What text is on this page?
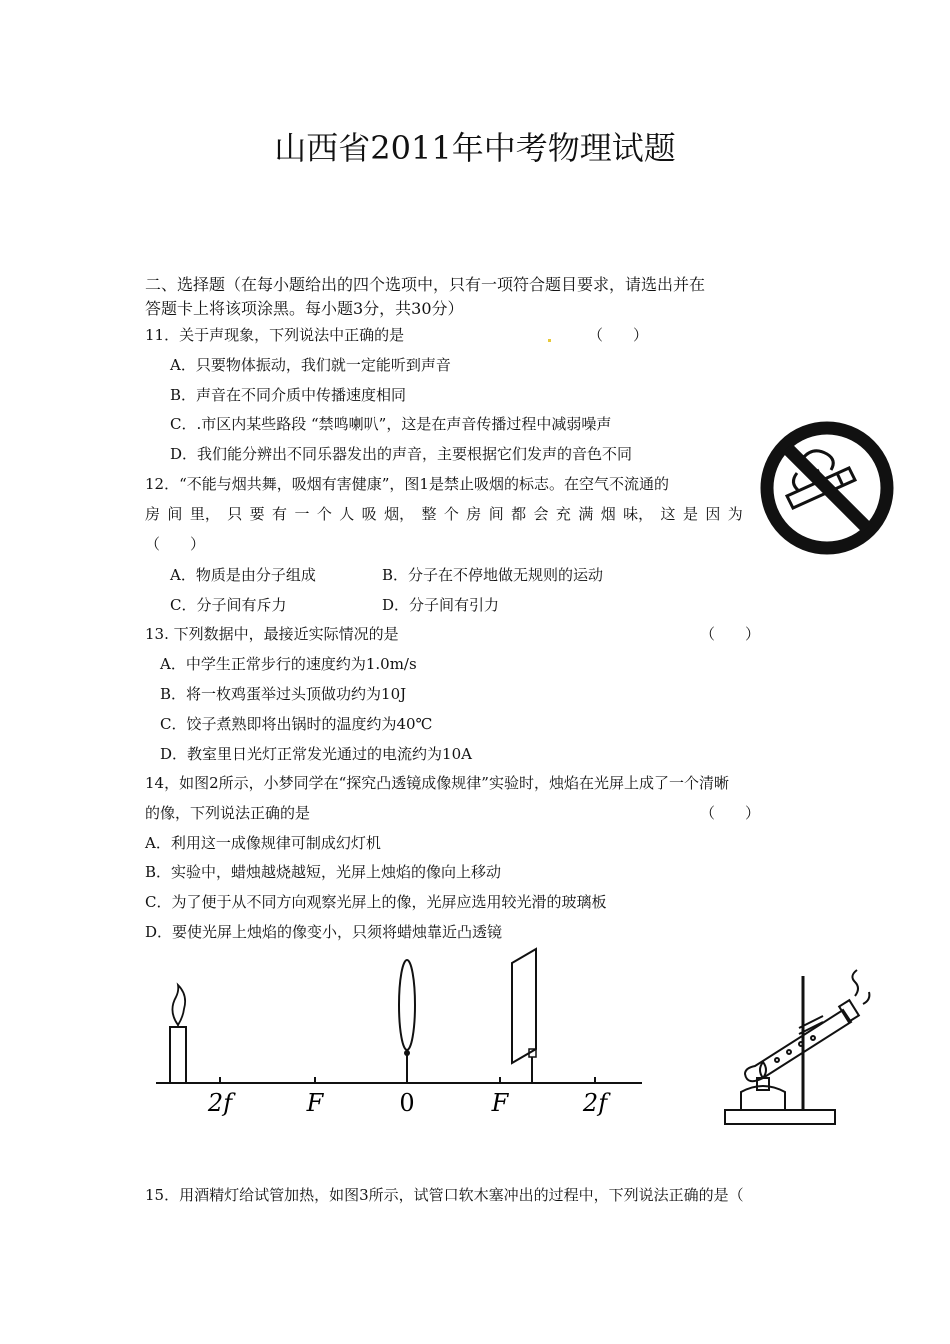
山西省2011年中考物理试题
二、选择题（在每小题给出的四个选项中，只有一项符合题目要求，请选出并在
答题卡上将该项涂黑。每小题3分，共30分）
11．关于声现象，下列说法中正确的是	（　　）
A．只要物体振动，我们就一定能听到声音
B．声音在不同介质中传播速度相同
C．.市区内某些路段 “禁鸣喇叭”，这是在声音传播过程中减弱噪声
D．我们能分辨出不同乐器发出的声音，主要根据它们发声的音色不同
12．“不能与烟共舞，吸烟有害健康”，图1是禁止吸烟的标志。在空气不流通的
房 间 里， 只 要 有 一 个 人 吸 烟， 整 个 房 间 都 会 充 满 烟 味， 这 是 因 为
（　　）
A．物质是由分子组成	B．分子在不停地做无规则的运动
C．分子间有斥力	D．分子间有引力
13. 下列数据中，最接近实际情况的是	（　　）
A．中学生正常步行的速度约为1.0m/s
B．将一枚鸡蛋举过头顶做功约为10J
C．饺子煮熟即将出锅时的温度约为40℃
D．教室里日光灯正常发光通过的电流约为10A
14，如图2所示，小梦同学在“探究凸透镜成像规律”实验时，烛焰在光屏上成了一个清晰
的像，下列说法正确的是	（　　）
A．利用这一成像规律可制成幻灯机
B．实验中，蜡烛越烧越短，光屏上烛焰的像向上移动
C．为了便于从不同方向观察光屏上的像，光屏应选用较光滑的玻璃板
D．要使光屏上烛焰的像变小，只须将蜡烛靠近凸透镜
2f	F	0	F	2f
15．用酒精灯给试管加热，如图3所示，试管口软木塞冲出的过程中，下列说法正确的是（
